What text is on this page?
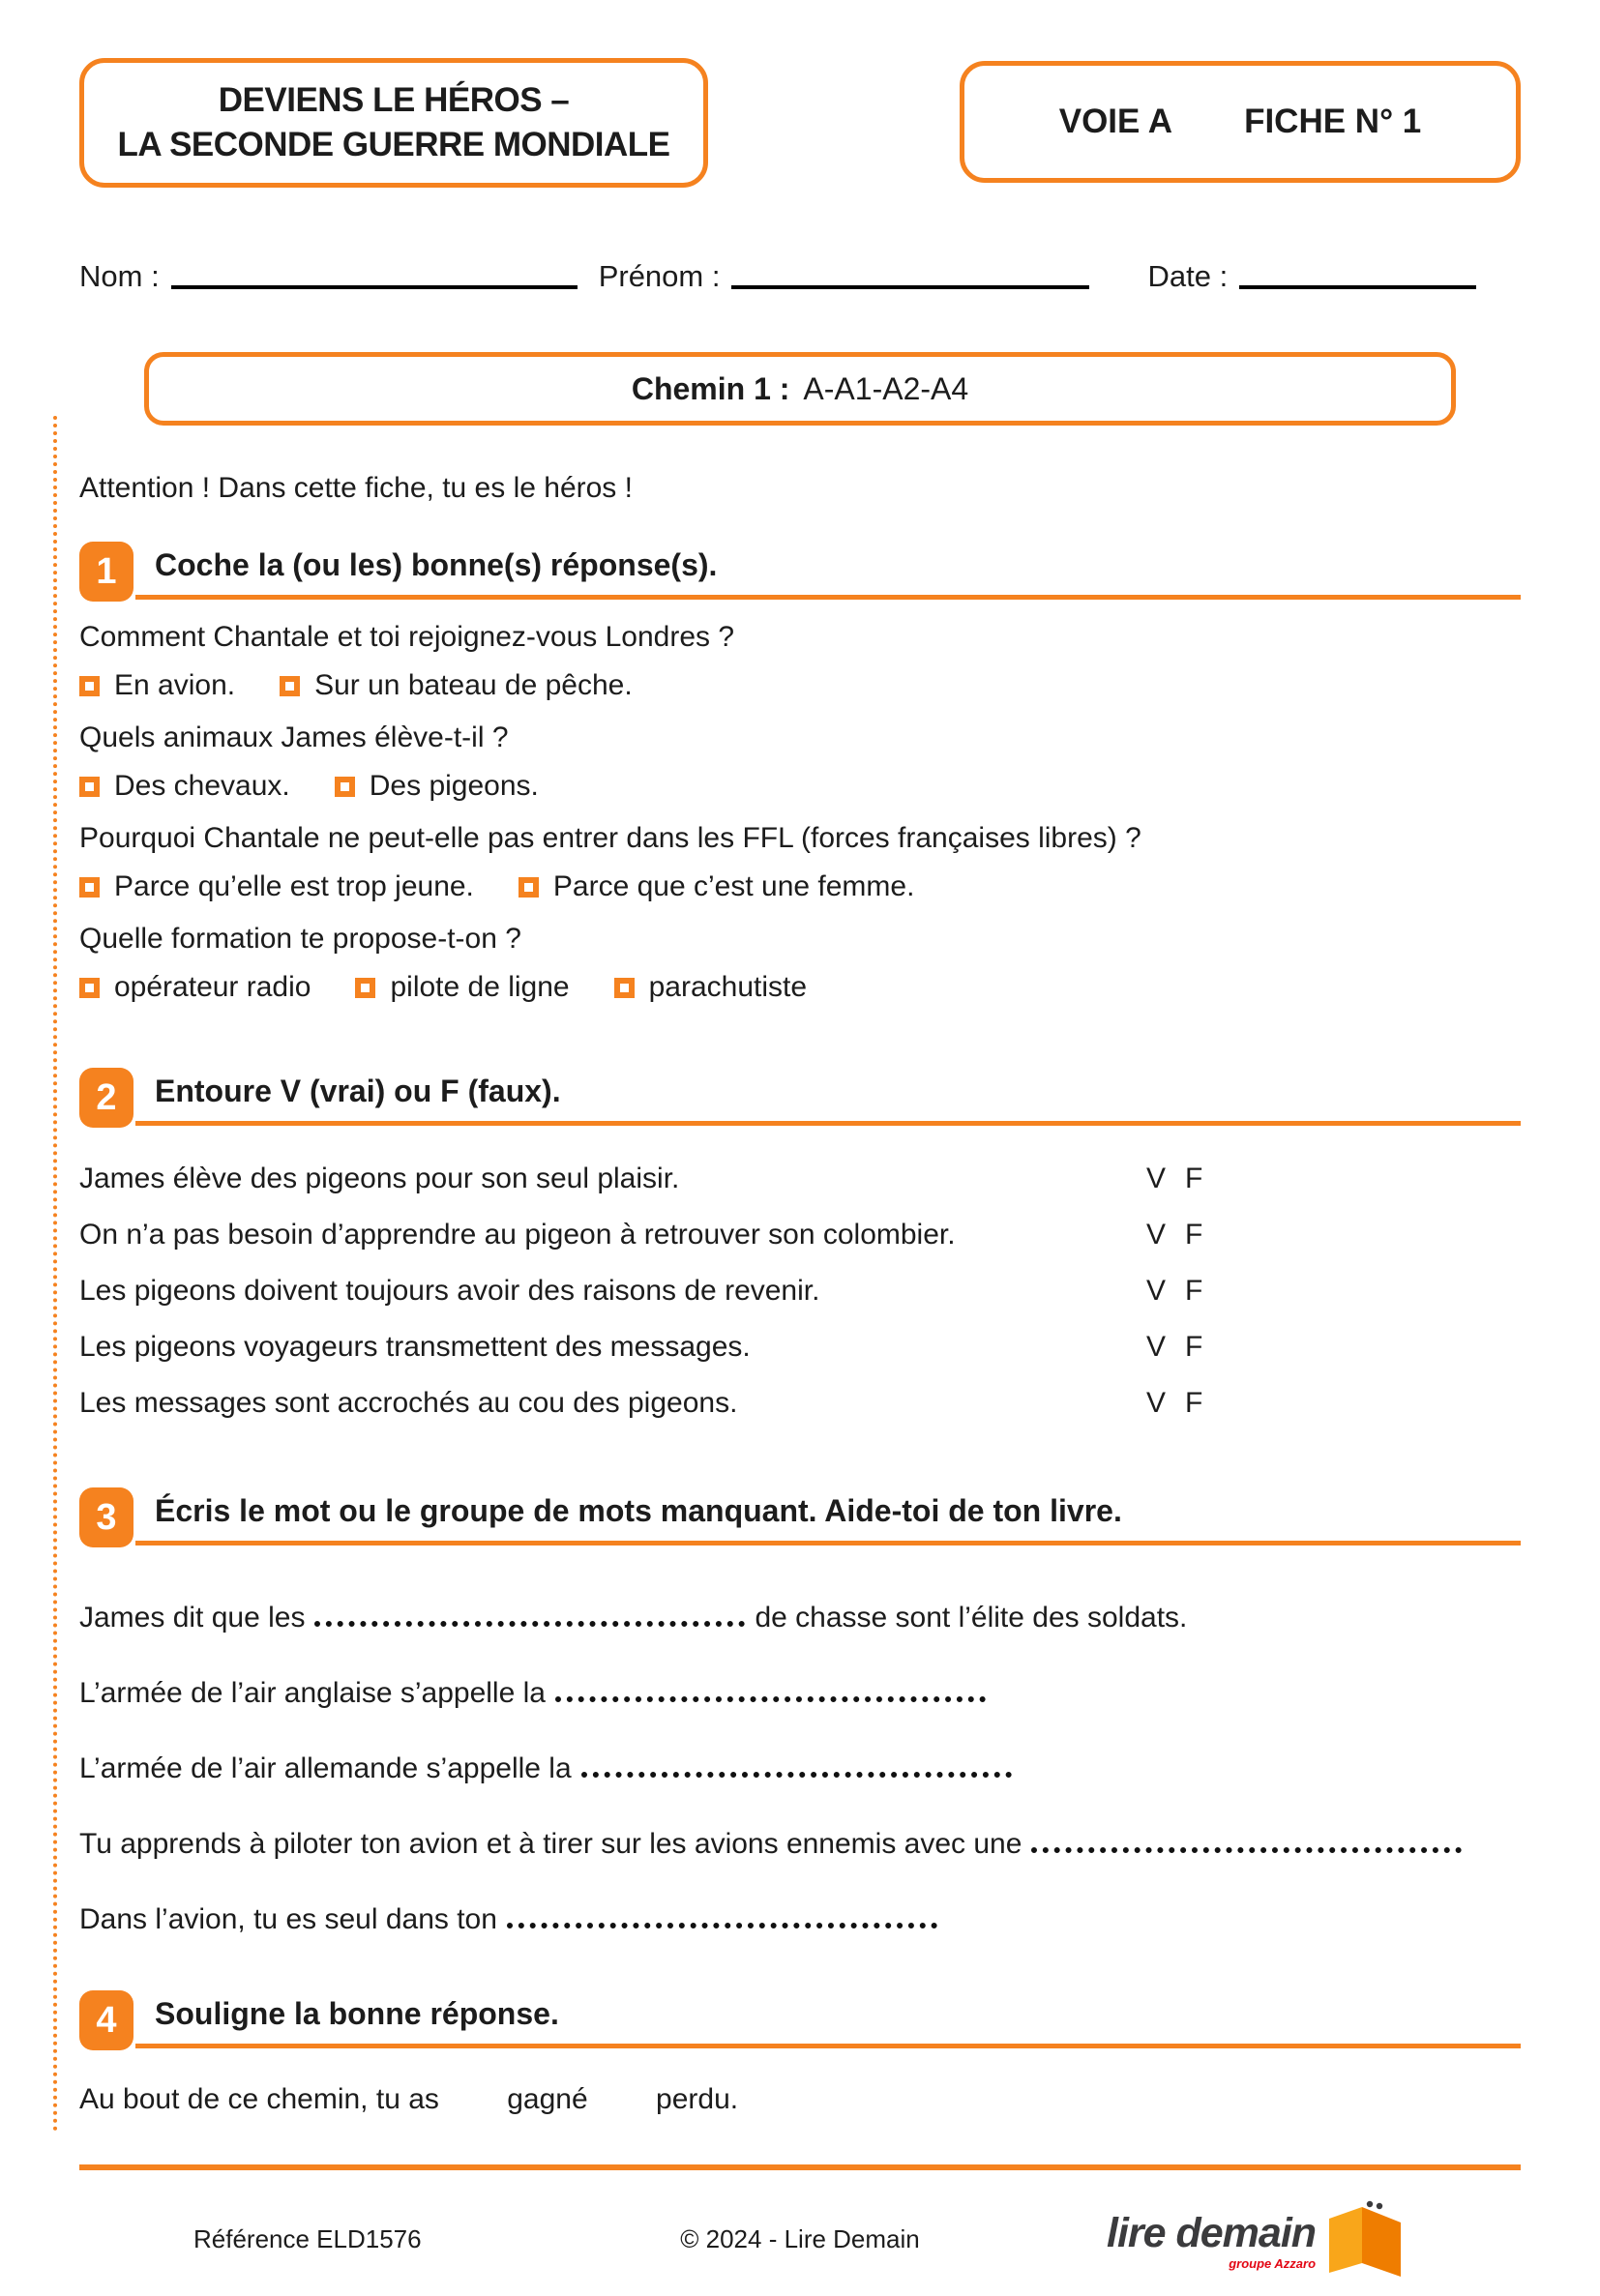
DEVIENS LE HÉROS –
LA SECONDE GUERRE MONDIALE
VOIE A FICHE N° 1
Nom :	Prénom :	Date :
Chemin 1 : A-A1-A2-A4

Attention ! Dans cette fiche, tu es le héros !

1	Coche la (ou les) bonne(s) réponse(s).

Comment Chantale et toi rejoignez-vous Londres ?

En avion.	Sur un bateau de pêche.

Quels animaux James élève-t-il ?

Des chevaux.	Des pigeons.

Pourquoi Chantale ne peut-elle pas entrer dans les FFL (forces françaises libres) ?

Parce qu’elle est trop jeune.	Parce que c’est une femme.

Quelle formation te propose-t-on ?

opérateur radio	pilote de ligne	parachutiste
2	Entoure V (vrai) ou F (faux).
James élève des pigeons pour son seul plaisir.	V F
On n’a pas besoin d’apprendre au pigeon à retrouver son colombier.	V F
Les pigeons doivent toujours avoir des raisons de revenir.	V F
Les pigeons voyageurs transmettent des messages.	V F
Les messages sont accrochés au cou des pigeons.	V F
3	Écris le mot ou le groupe de mots manquant. Aide-toi de ton livre.

James dit que les	de chasse sont l’élite des soldats.

L’armée de l’air anglaise s’appelle la

L’armée de l’air allemande s’appelle la

Tu apprends à piloter ton avion et à tirer sur les avions ennemis avec une

Dans l’avion, tu es seul dans ton

4	Souligne la bonne réponse.

Au bout de ce chemin, tu as gagné perdu.

Référence ELD1576	© 2024 - Lire Demain	lire demain
groupe Azzaro
